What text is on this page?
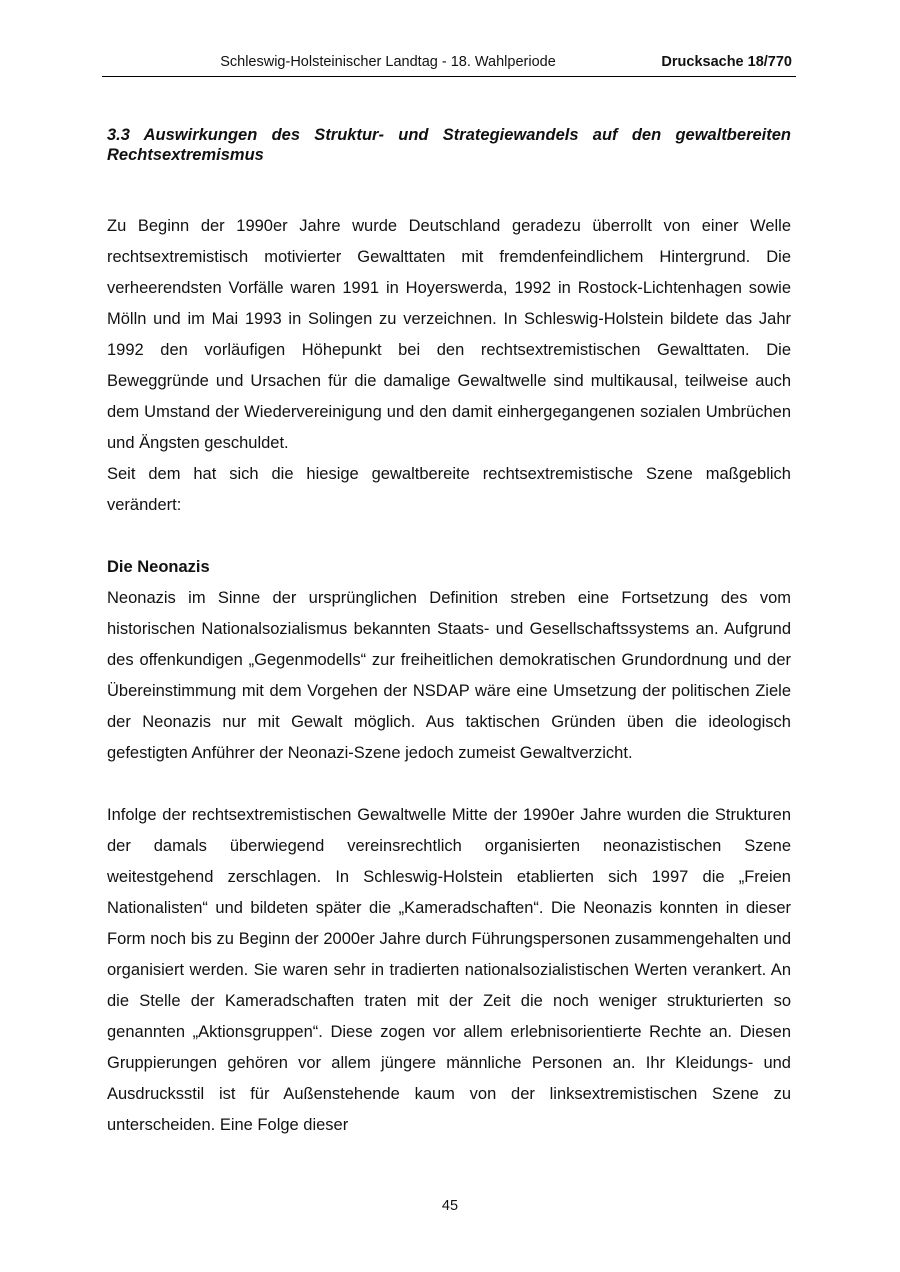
Schleswig-Holsteinischer Landtag - 18. Wahlperiode	Drucksache 18/770

3.3 Auswirkungen des Struktur- und Strategiewandels auf den gewaltbereiten Rechtsextremismus

Zu Beginn der 1990er Jahre wurde Deutschland geradezu überrollt von einer Welle rechtsextremistisch motivierter Gewalttaten mit fremdenfeindlichem Hintergrund. Die verheerendsten Vorfälle waren 1991 in Hoyerswerda, 1992 in Rostock-Lichtenhagen sowie Mölln und im Mai 1993 in Solingen zu verzeichnen. In Schleswig-Holstein bildete das Jahr 1992 den vorläufigen Höhepunkt bei den rechtsextremistischen Gewalttaten. Die Beweggründe und Ursachen für die damalige Gewaltwelle sind multikausal, teilweise auch dem Umstand der Wiedervereinigung und den damit einhergegangenen sozialen Umbrüchen und Ängsten geschuldet.

Seit dem hat sich die hiesige gewaltbereite rechtsextremistische Szene maßgeblich verändert:

Die Neonazis

Neonazis im Sinne der ursprünglichen Definition streben eine Fortsetzung des vom historischen Nationalsozialismus bekannten Staats- und Gesellschaftssystems an. Aufgrund des offenkundigen „Gegenmodells“ zur freiheitlichen demokratischen Grundordnung und der Übereinstimmung mit dem Vorgehen der NSDAP wäre eine Umsetzung der politischen Ziele der Neonazis nur mit Gewalt möglich. Aus taktischen Gründen üben die ideologisch gefestigten Anführer der Neonazi-Szene jedoch zumeist Gewaltverzicht.

Infolge der rechtsextremistischen Gewaltwelle Mitte der 1990er Jahre wurden die Strukturen der damals überwiegend vereinsrechtlich organisierten neonazistischen Szene weitestgehend zerschlagen. In Schleswig-Holstein etablierten sich 1997 die „Freien Nationalisten“ und bildeten später die „Kameradschaften“. Die Neonazis konnten in dieser Form noch bis zu Beginn der 2000er Jahre durch Führungspersonen zusammengehalten und organisiert werden. Sie waren sehr in tradierten nationalsozialistischen Werten verankert. An die Stelle der Kameradschaften traten mit der Zeit die noch weniger strukturierten so genannten „Aktionsgruppen“. Diese zogen vor allem erlebnisorientierte Rechte an. Diesen Gruppierungen gehören vor allem jüngere männliche Personen an. Ihr Kleidungs- und Ausdrucksstil ist für Außenstehende kaum von der linksextremistischen Szene zu unterscheiden. Eine Folge dieser

45
